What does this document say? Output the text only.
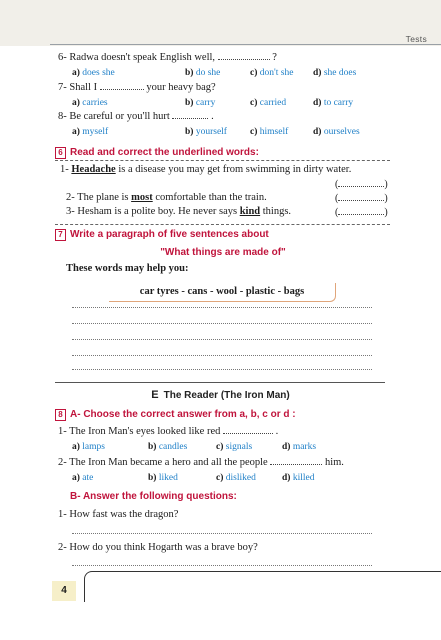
Tests
6- Radwa doesn't speak English well,	?
a) does she	b) do she	c) don't she d) she does
7- Shall I	your heavy bag?
a) carries	b) carry	c) carried	d) to carry
8- Be careful or you'll hurt	.
a) myself	b) yourself c) himself	d) ourselves
6 Read and correct the underlined words:
1- Headache is a disease you may get from swimming in dirty water.
(	)
2- The plane is most comfortable than the train.	(	)
3- Hesham is a polite boy. He never says kind things.	(	)
7 Write a paragraph of five sentences about
"What things are made of"
These words may help you:
car tyres - cans - wool - plastic - bags
E The Reader (The Iron Man)
8 A- Choose the correct answer from a, b, c or d :
1- The Iron Man's eyes looked like red	.
a) lamps	b) candles	c) signals	d) marks
2- The Iron Man became a hero and all the people	him.
a) ate	b) liked	c) disliked	d) killed
B- Answer the following questions:
1- How fast was the dragon?
2- How do you think Hogarth was a brave boy?
4
